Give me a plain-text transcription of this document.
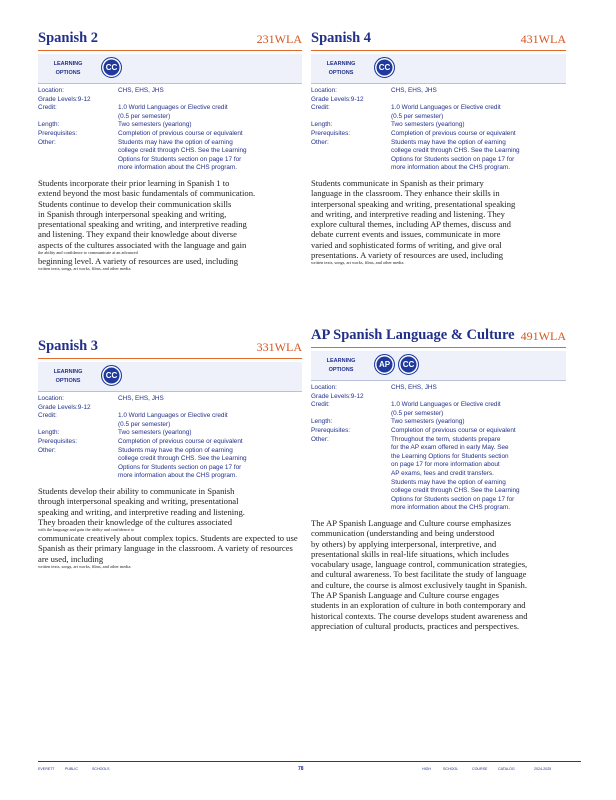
Spanish 2	231WLA
LEARNING OPTIONS
CC
Location:	CHS, EHS, JHS
Grade Levels:9-12
Credit:	1.0 World Languages or Elective credit
(0.5 per semester)
Length:	Two semesters (yearlong)
Prerequisites:	Completion of previous course or equivalent
Other:	Students may have the option of earning
college credit through CHS. See the Learning
Options for Students section on page 17 for
more information about the CHS program.
Students incorporate their prior learning in Spanish 1 to
extend beyond the most basic fundamentals of communication.
Students continue to develop their communication skills
in Spanish through interpersonal speaking and writing,
presentational speaking and writing, and interpretive reading
and listening. They expand their knowledge about diverse
aspects of the cultures associated with the language and gain
the ability and confidence to communicate at an advanced
beginning level. A variety of resources are used, including
written texts, songs, art works, films, and other media.
Spanish 3	331WLA
LEARNING OPTIONS
CC
Location:	CHS, EHS, JHS
Grade Levels:9-12
Credit:	1.0 World Languages or Elective credit
(0.5 per semester)
Length:	Two semesters (yearlong)
Prerequisites:	Completion of previous course or equivalent
Other:	Students may have the option of earning
college credit through CHS. See the Learning
Options for Students section on page 17 for
more information about the CHS program.
Students develop their ability to communicate in Spanish
through interpersonal speaking and writing, presentational
speaking and writing, and interpretive reading and listening.
They broaden their knowledge of the cultures associated
with the language and gain the ability and confidence to
communicate creatively about complex topics. Students are expected to use Spanish as their primary language in the classroom. A variety of resources are used, including
written texts, songs, art works, films, and other media.
Spanish 4	431WLA
LEARNING OPTIONS
CC
Location:	CHS, EHS, JHS
Grade Levels:9-12
Credit:	1.0 World Languages or Elective credit
(0.5 per semester)
Length:	Two semesters (yearlong)
Prerequisites:	Completion of previous course or equivalent
Other:	Students may have the option of earning
college credit through CHS. See the Learning
Options for Students section on page 17 for
more information about the CHS program.
Students communicate in Spanish as their primary
language in the classroom. They enhance their skills in
interpersonal speaking and writing, presentational speaking
and writing, and interpretive reading and listening. They
explore cultural themes, including AP themes, discuss and
debate current events and issues, communicate in more
varied and sophisticated forms of writing, and give oral
presentations. A variety of resources are used, including
written texts, songs, art works, films, and other media.
AP Spanish Language & Culture 491WLA
LEARNING OPTIONS
AP	CC
Location:	CHS, EHS, JHS
Grade Levels:9-12
Credit:	1.0 World Languages or Elective credit
(0.5 per semester)
Length:	Two semesters (yearlong)
Prerequisites:	Completion of previous course or equivalent
Other:	Throughout the term, students prepare
for the AP exam offered in early May. See
the Learning Options for Students section
on page 17 for more information about
AP exams, fees and credit transfers.
Students may have the option of earning
college credit through CHS. See the Learning
Options for Students section on page 17 for
more information about the CHS program.
The AP Spanish Language and Culture course emphasizes
communication (understanding and being understood
by others) by applying interpersonal, interpretive, and
presentational skills in real-life situations, which includes
vocabulary usage, language control, communication strategies,
and cultural awareness. To best facilitate the study of language
and culture, the course is almost exclusively taught in Spanish.
The AP Spanish Language and Culture course engages
students in an exploration of culture in both contemporary and
historical contexts. The course develops student awareness and
appreciation of cultural products, practices and perspectives.
EVERETT	PUBLIC	SCHOOLS	78	HIGH	SCHOOL	COURSE	CATALOG	2024-2025
